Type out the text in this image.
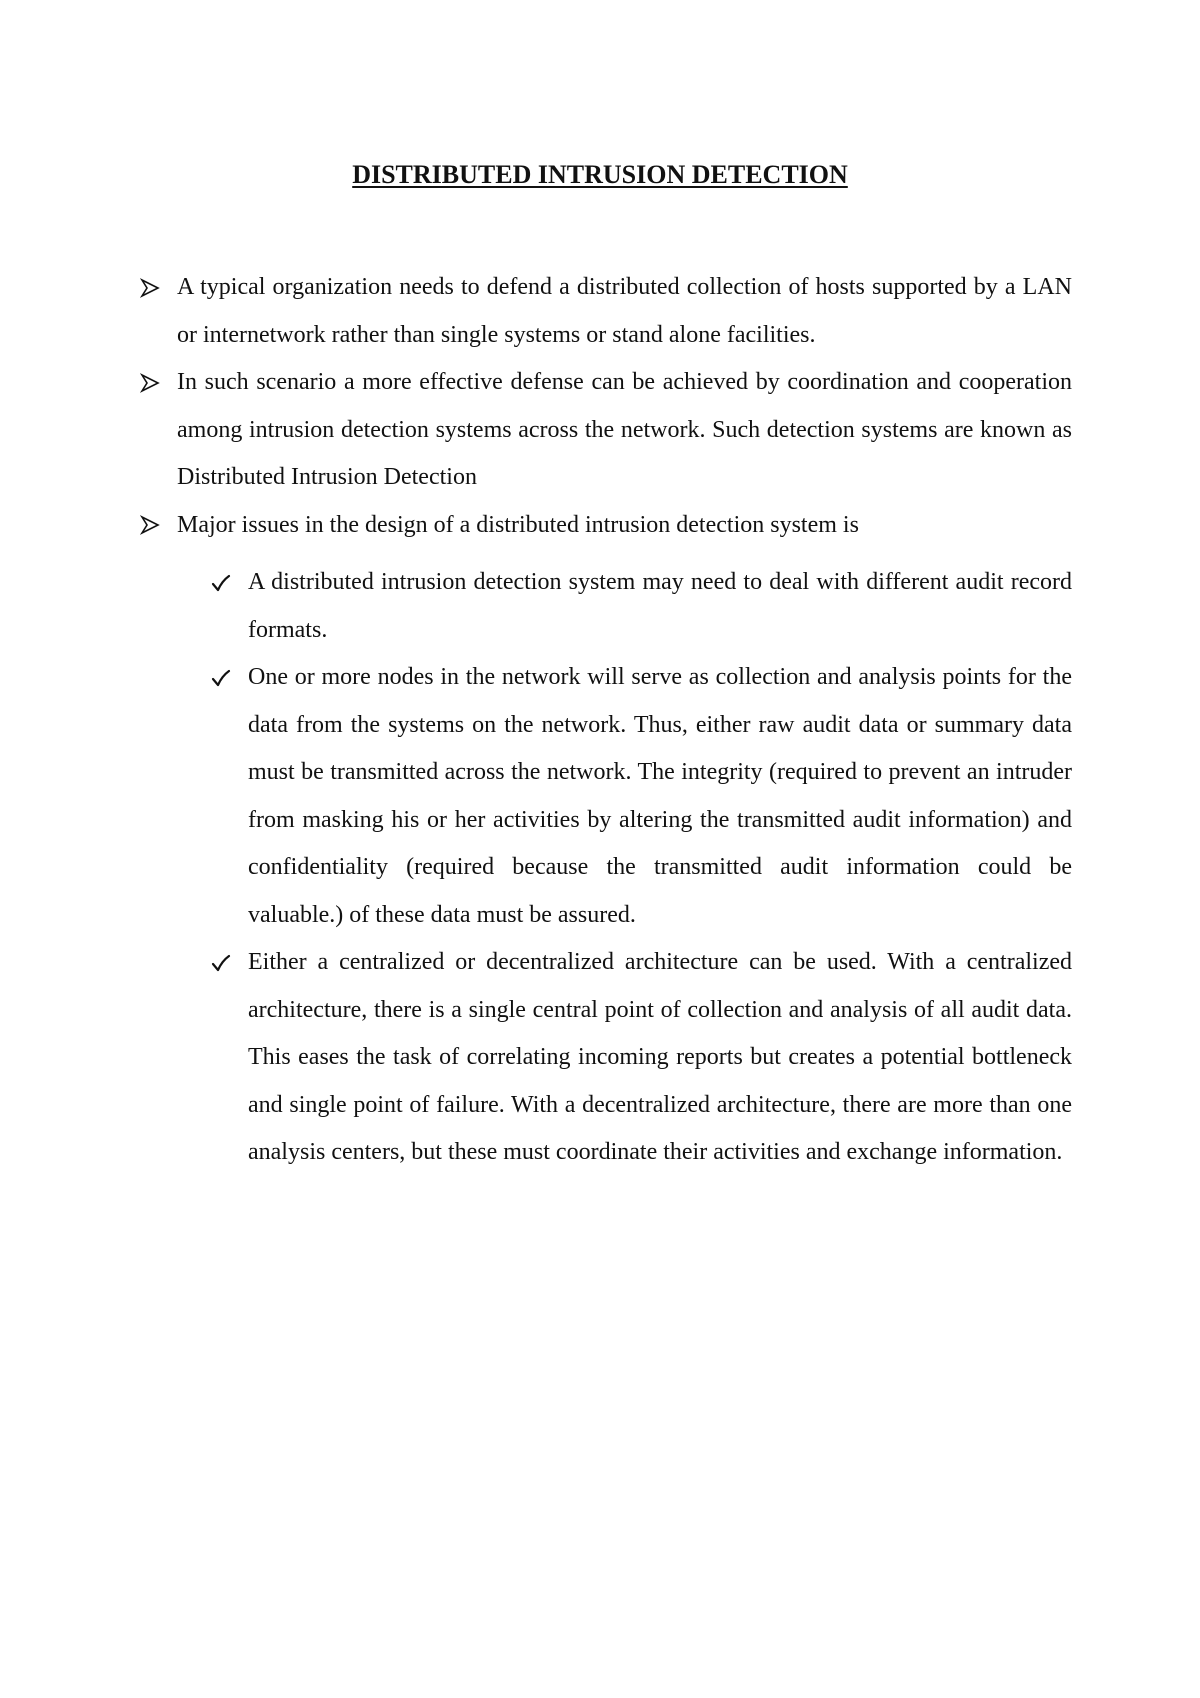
DISTRIBUTED INTRUSION DETECTION
A typical organization needs to defend a distributed collection of hosts supported by a LAN or internetwork rather than single systems or stand alone facilities.
In such scenario a more effective defense can be achieved by coordination and cooperation among intrusion detection systems across the network. Such detection systems are known as Distributed Intrusion Detection
Major issues in the design of a distributed intrusion detection system is
A distributed intrusion detection system may need to deal with different audit record formats.
One or more nodes in the network will serve as collection and analysis points for the data from the systems on the network. Thus, either raw audit data or summary data must be transmitted across the network. The integrity (required to prevent an intruder from masking his or her activities by altering the transmitted audit information) and confidentiality (required because the transmitted audit information could be valuable.) of these data must be assured.
Either a centralized or decentralized architecture can be used. With a centralized architecture, there is a single central point of collection and analysis of all audit data. This eases the task of correlating incoming reports but creates a potential bottleneck and single point of failure. With a decentralized architecture, there are more than one analysis centers, but these must coordinate their activities and exchange information.
